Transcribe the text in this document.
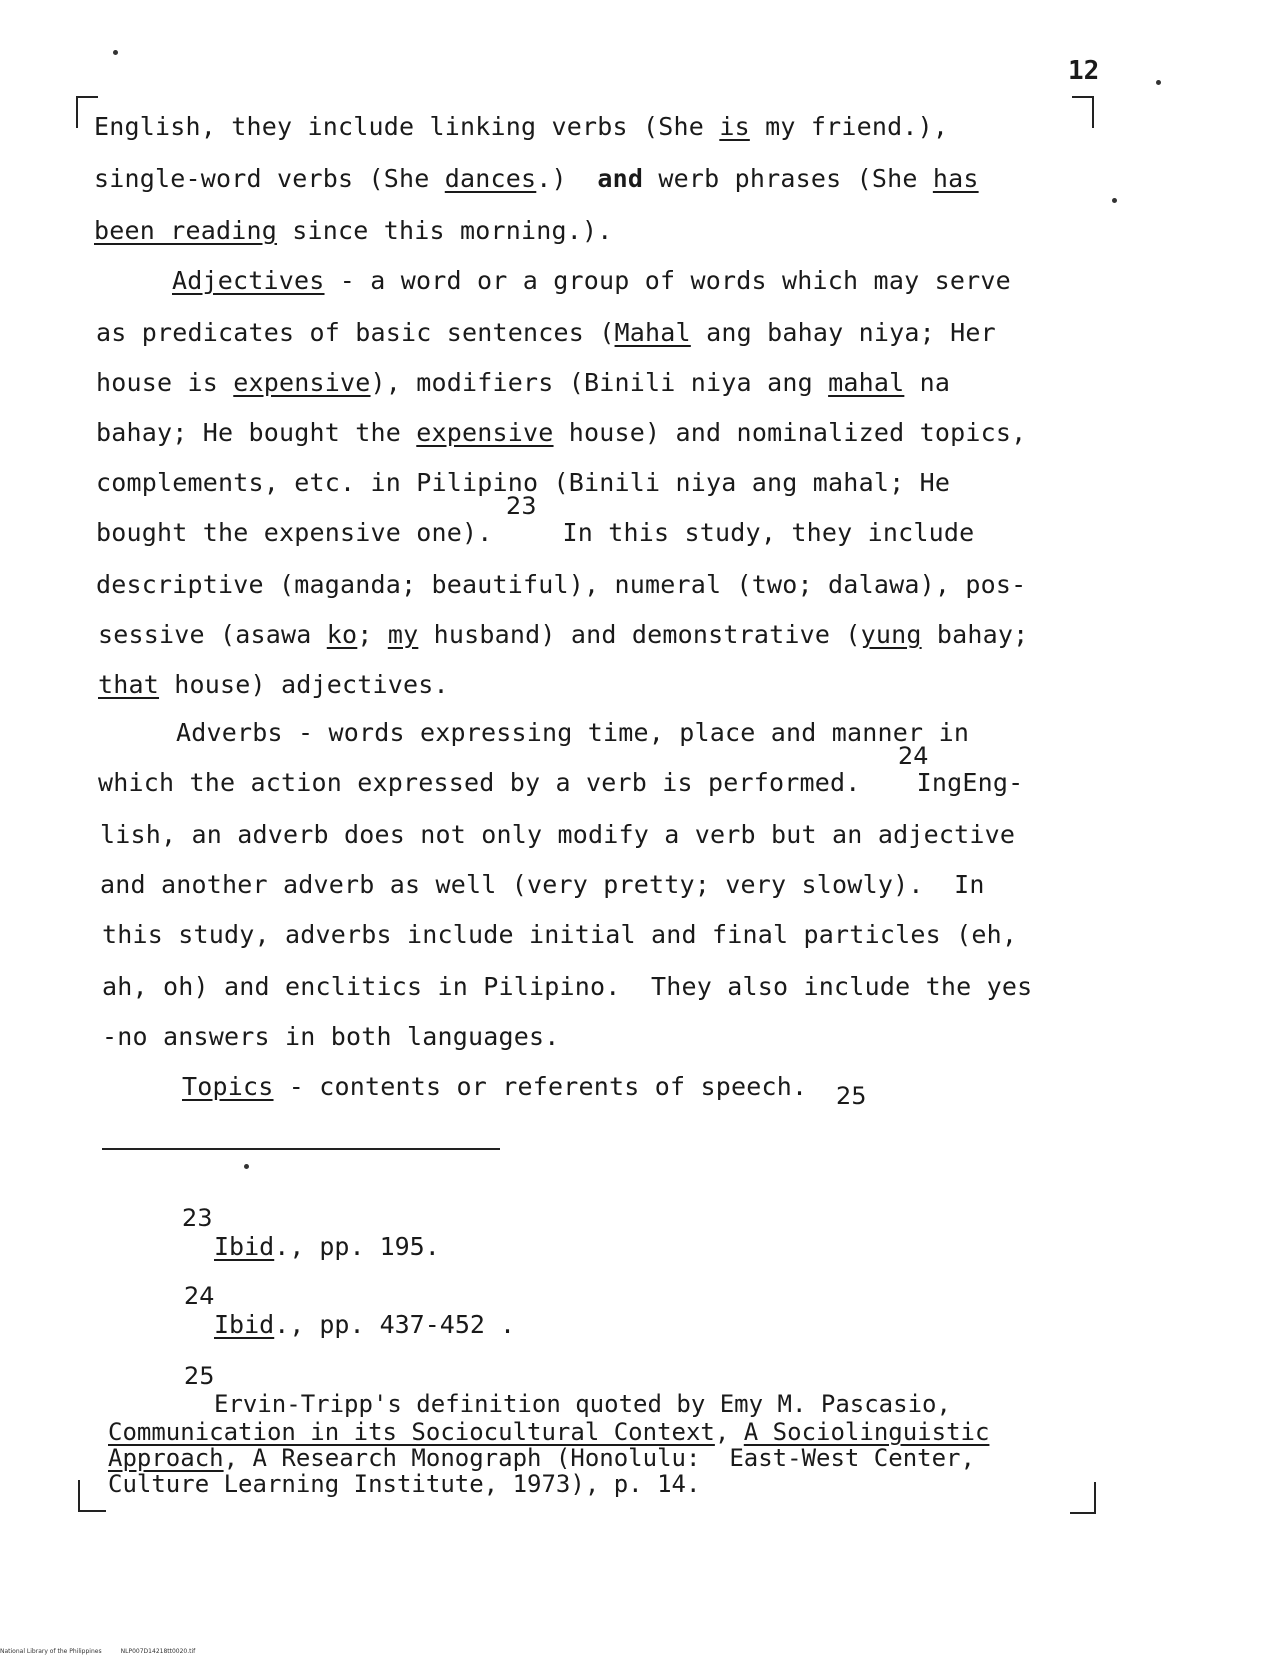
12
English, they include linking verbs (She is my friend.),
single-word verbs (She dances.)  and werb phrases (She has
been reading since this morning.).
Adjectives - a word or a group of words which may serve
as predicates of basic sentences (Mahal ang bahay niya; Her
house is expensive), modifiers (Binili niya ang mahal na
bahay; He bought the expensive house) and nominalized topics,
complements, etc. in Pilipino (Binili niya ang mahal; He
23
bought the expensive one).	In this study, they include
descriptive (maganda; beautiful), numeral (two; dalawa), pos-
sessive (asawa ko; my husband) and demonstrative (yung bahay;
that house) adjectives.
Adverbs - words expressing time, place and manner in
24
which the action expressed by a verb is performed. IngEng-
lish, an adverb does not only modify a verb but an adjective
and another adverb as well (very pretty; very slowly).  In
this study, adverbs include initial and final particles (eh,
ah, oh) and enclitics in Pilipino.  They also include the yes
-no answers in both languages.
25
Topics - contents or referents of speech.
23
Ibid., pp. 195.
24
Ibid., pp. 437-452 .
25
Ervin-Tripp's definition quoted by Emy M. Pascasio,
Communication in its Sociocultural Context, A Sociolinguistic
Approach, A Research Monograph (Honolulu:  East-West Center,
Culture Learning Institute, 1973), p. 14.
National Library of the Philippines	NLP007D14218tt0020.tif
